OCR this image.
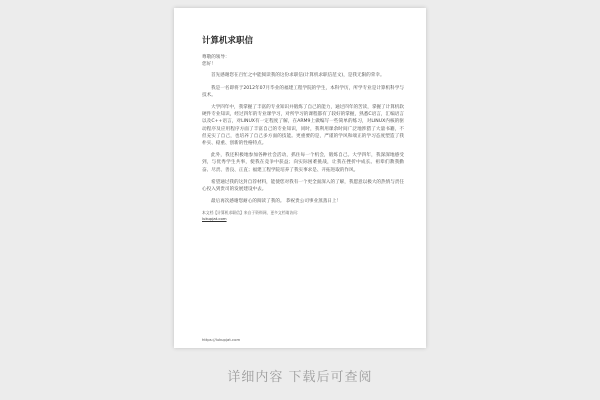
计算机求职信
尊敬的领导：
您好！

首先感谢您在百忙之中能阅读我的这份求职信(计算机求职信范文)，是我无限的荣幸。

我是一名即将于2012年07月毕业的福建工程学院的学生，本科学历，所学专业是计算机科学与技术。

大学四年中，我掌握了丰富的专业知识并锻炼了自己的能力，通过四年的苦读，掌握了计算机软硬件专业知识，经过四年的专业课学习，对所学习的课程都有了较好的掌握，熟悉C语言，汇编语言以及C++语言，对LINUX有一定程度了解，在ARM9上做编写一些简单的练习，对LINUX内核的驱动程序及应用程序方面了丰富自己的专业知识，同时，我利用课余时间广泛地涉猎了大量书籍，不但充实了自己，也培养了自己多方面的技能。更重要的是，严谨的学风和端正的学习态度塑造了我朴实、稳重、创新的性格特点。

此外，我还积极地参加各种社会活动，抓住每一个机会，锻炼自己。大学四年，我深深地感受到，与优秀学生共事，使我在竞争中获益；向实际困难挑战，让我在挫折中成长。祖辈们教我勤奋、尽责、善良、正直；福建工程学院培养了我实事求是、开拓进取的作风。

希望通过我的这封自荐材料，能使您对我有一个更全面深入的了解，我愿意以极大的热情与责任心投入到贵司的发展建设中去。

最后再次感谢您耐心的阅读了我的。 恭祝贵公司事业蒸蒸日上！

本文档【计算机求职信】来自于资料网，更多文档请访问：
lukupjat.com
https://lukupjat.com
详细内容 下载后可查阅
